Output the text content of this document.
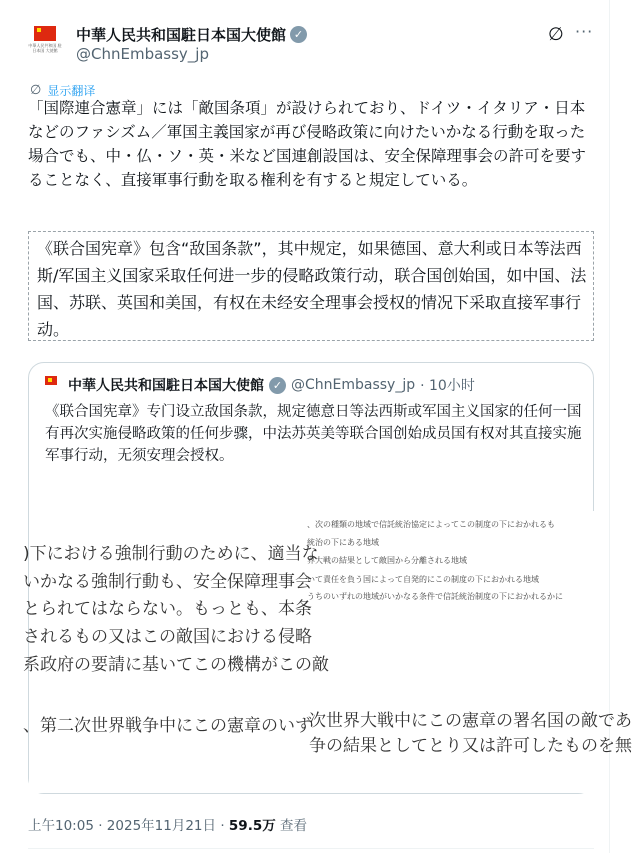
中華人民共和国 駐日本国 大使館
中華人民共和国駐日本国大使館 ✓
@ChnEmbassy_jp
∅ ···
∅ 显示翻译
「国際連合憲章」には「敵国条項」が設けられており、ドイツ・イタリア・日本などのファシズム／軍国主義国家が再び侵略政策に向けたいかなる行動を取った場合でも、中・仏・ソ・英・米など国連創設国は、安全保障理事会の許可を要することなく、直接軍事行動を取る権利を有すると規定している。
《联合国宪章》包含“敌国条款”，其中规定，如果德国、意大利或日本等法西斯/军国主义国家采取任何进一步的侵略政策行动，联合国创始国，如中国、法国、苏联、英国和美国，有权在未经安全理事会授权的情况下采取直接军事行动。
中華人民共和国駐日本国大使館 ✓ @ChnEmbassy_jp · 10小时
《联合国宪章》专门设立敌国条款，规定德意日等法西斯或军国主义国家的任何一国有再次实施侵略政策的任何步骤，中法苏英美等联合国创始成员国有权对其直接实施军事行动，无须安理会授权。
)下における強制行動のために、適当な
いかなる強制行動も、安全保障理事会
とられてはならない。もっとも、本条
されるもの又はこの敵国における侵略
系政府の要請に基いてこの機構がこの敵
、第二次世界戦争中にこの憲章のいず
、次の種類の地域で信託統治協定によってこの制度の下におかれるも
統治の下にある地域
界大戦の結果として敵国から分離される地域
いて責任を負う国によって自発的にこの制度の下におかれる地域
うちのいずれの地域がいかなる条件で信託統治制度の下におかれるかに
次世界大戦中にこの憲章の署名国の敵であ
争の結果としてとり又は許可したものを無
上午10:05 · 2025年11月21日 · 59.5万 查看
